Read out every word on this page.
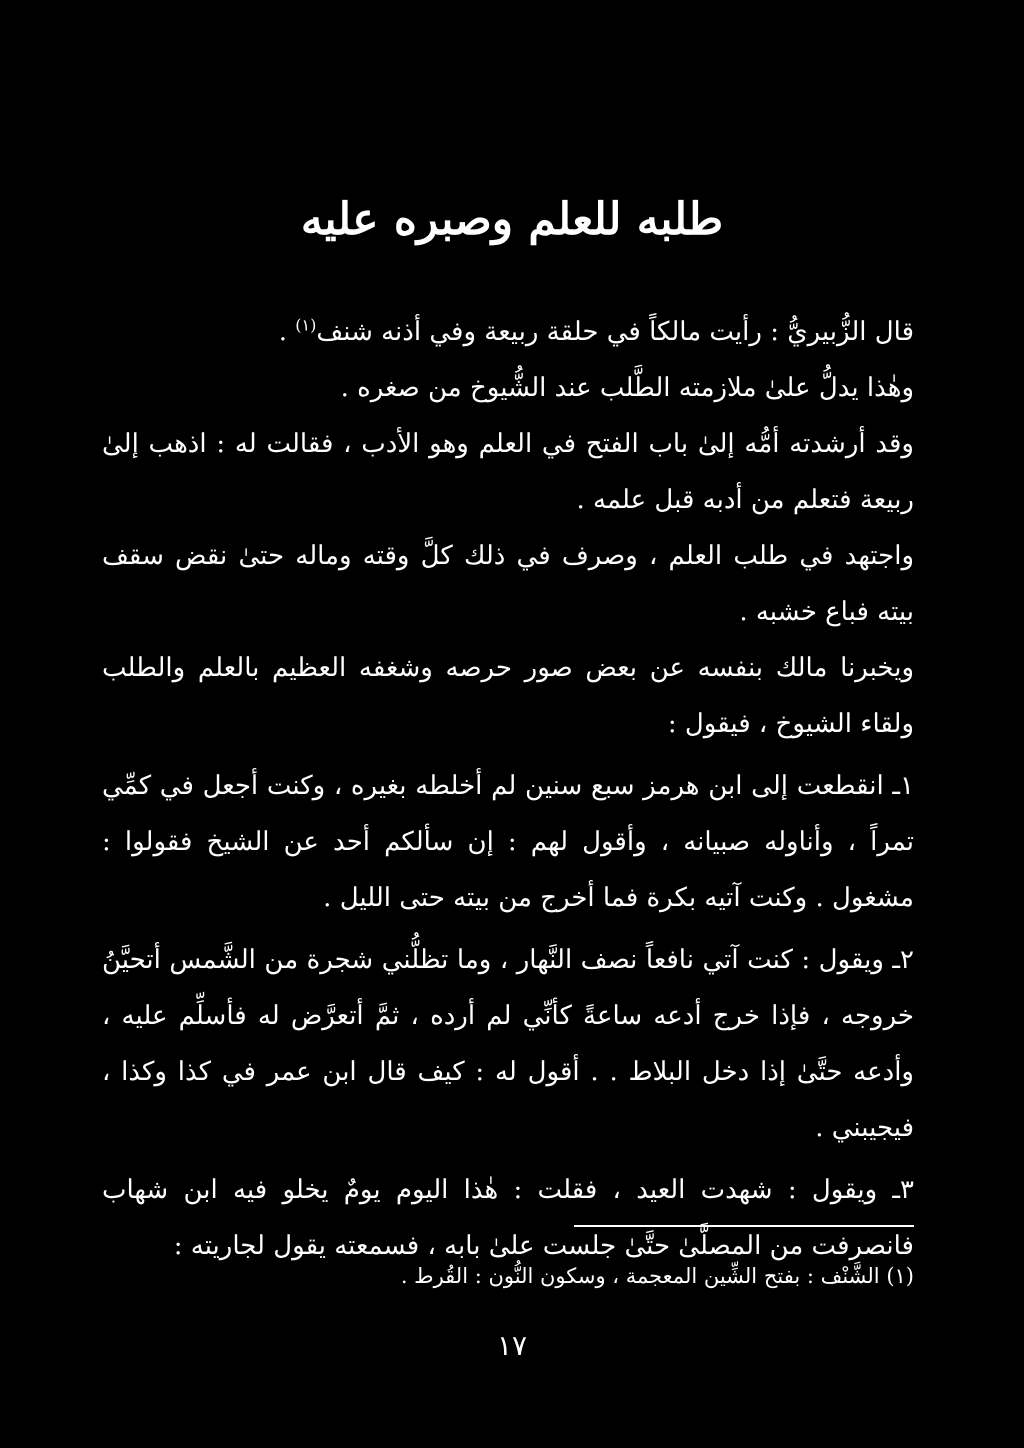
طلبه للعلم وصبره عليه

قال الزُّبيريُّ : رأيت مالكاً في حلقة ربيعة وفي أذنه شنف$^{(١)}$ .

وهٰذا يدلُّ علىٰ ملازمته الطَّلب عند الشُّيوخ من صغره .

وقد أرشدته أمُّه إلىٰ باب الفتح في العلم وهو الأدب ، فقالت له : اذهب إلىٰ ربيعة فتعلم من أدبه قبل علمه .

واجتهد في طلب العلم ، وصرف في ذلك كلَّ وقته وماله حتىٰ نقض سقف بيته فباع خشبه .

ويخبرنا مالك بنفسه عن بعض صور حرصه وشغفه العظيم بالعلم والطلب ولقاء الشيوخ ، فيقول :

١ـ انقطعت إلى ابن هرمز سبع سنين لم أخلطه بغيره ، وكنت أجعل في كمِّي تمراً ، وأناوله صبيانه ، وأقول لهم : إن سألكم أحد عن الشيخ فقولوا : مشغول . وكنت آتيه بكرة فما أخرج من بيته حتى الليل .

٢ـ ويقول : كنت آتي نافعاً نصف النَّهار ، وما تظلُّني شجرة من الشَّمس أتحيَّنُ خروجه ، فإذا خرج أدعه ساعةً كأنِّي لم أرده ، ثمَّ أتعرَّض له فأسلِّم عليه ، وأدعه حتَّىٰ إذا دخل البلاط . . أقول له : كيف قال ابن عمر في كذا وكذا ، فيجيبني .

٣ـ ويقول : شهدت العيد ، فقلت : هٰذا اليوم يومٌ يخلو فيه ابن شهاب فانصرفت من المصلَّىٰ حتَّىٰ جلست علىٰ بابه ، فسمعته يقول لجاريته :

(١) الشَّنْف : بفتح الشِّين المعجمة ، وسكون النُّون : القُرط .

١٧
